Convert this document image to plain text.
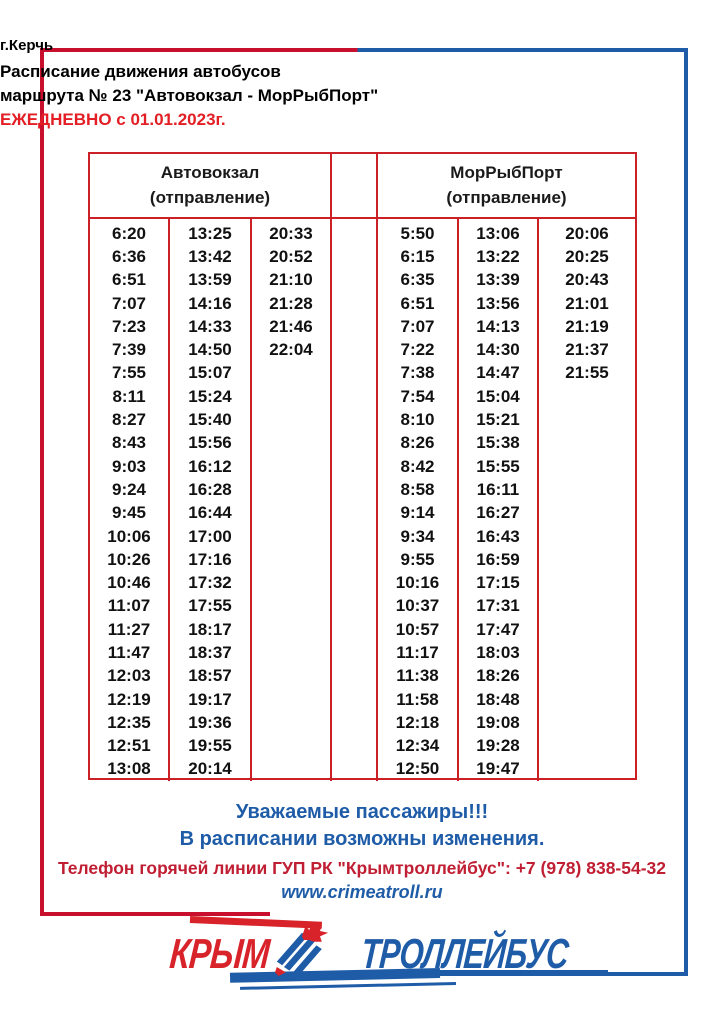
г.Керчь
Расписание движения автобусов
маршрута № 23 "Автовокзал - МорРыбПорт"
ЕЖЕДНЕВНО с 01.01.2023г.
Автовокзал
(отправление)
МорРыбПорт
(отправление)
6:20
6:36
6:51
7:07
7:23
7:39
7:55
8:11
8:27
8:43
9:03
9:24
9:45
10:06
10:26
10:46
11:07
11:27
11:47
12:03
12:19
12:35
12:51
13:08
13:25
13:42
13:59
14:16
14:33
14:50
15:07
15:24
15:40
15:56
16:12
16:28
16:44
17:00
17:16
17:32
17:55
18:17
18:37
18:57
19:17
19:36
19:55
20:14
20:33
20:52
21:10
21:28
21:46
22:04
5:50
6:15
6:35
6:51
7:07
7:22
7:38
7:54
8:10
8:26
8:42
8:58
9:14
9:34
9:55
10:16
10:37
10:57
11:17
11:38
11:58
12:18
12:34
12:50
13:06
13:22
13:39
13:56
14:13
14:30
14:47
15:04
15:21
15:38
15:55
16:11
16:27
16:43
16:59
17:15
17:31
17:47
18:03
18:26
18:48
19:08
19:28
19:47
20:06
20:25
20:43
21:01
21:19
21:37
21:55
Уважаемые пассажиры!!!
В расписании возможны изменения.
Телефон горячей линии ГУП РК "Крымтроллейбус": +7 (978) 838-54-32
www.crimeatroll.ru
КРЫМ ТРОЛЛЕЙБУС
